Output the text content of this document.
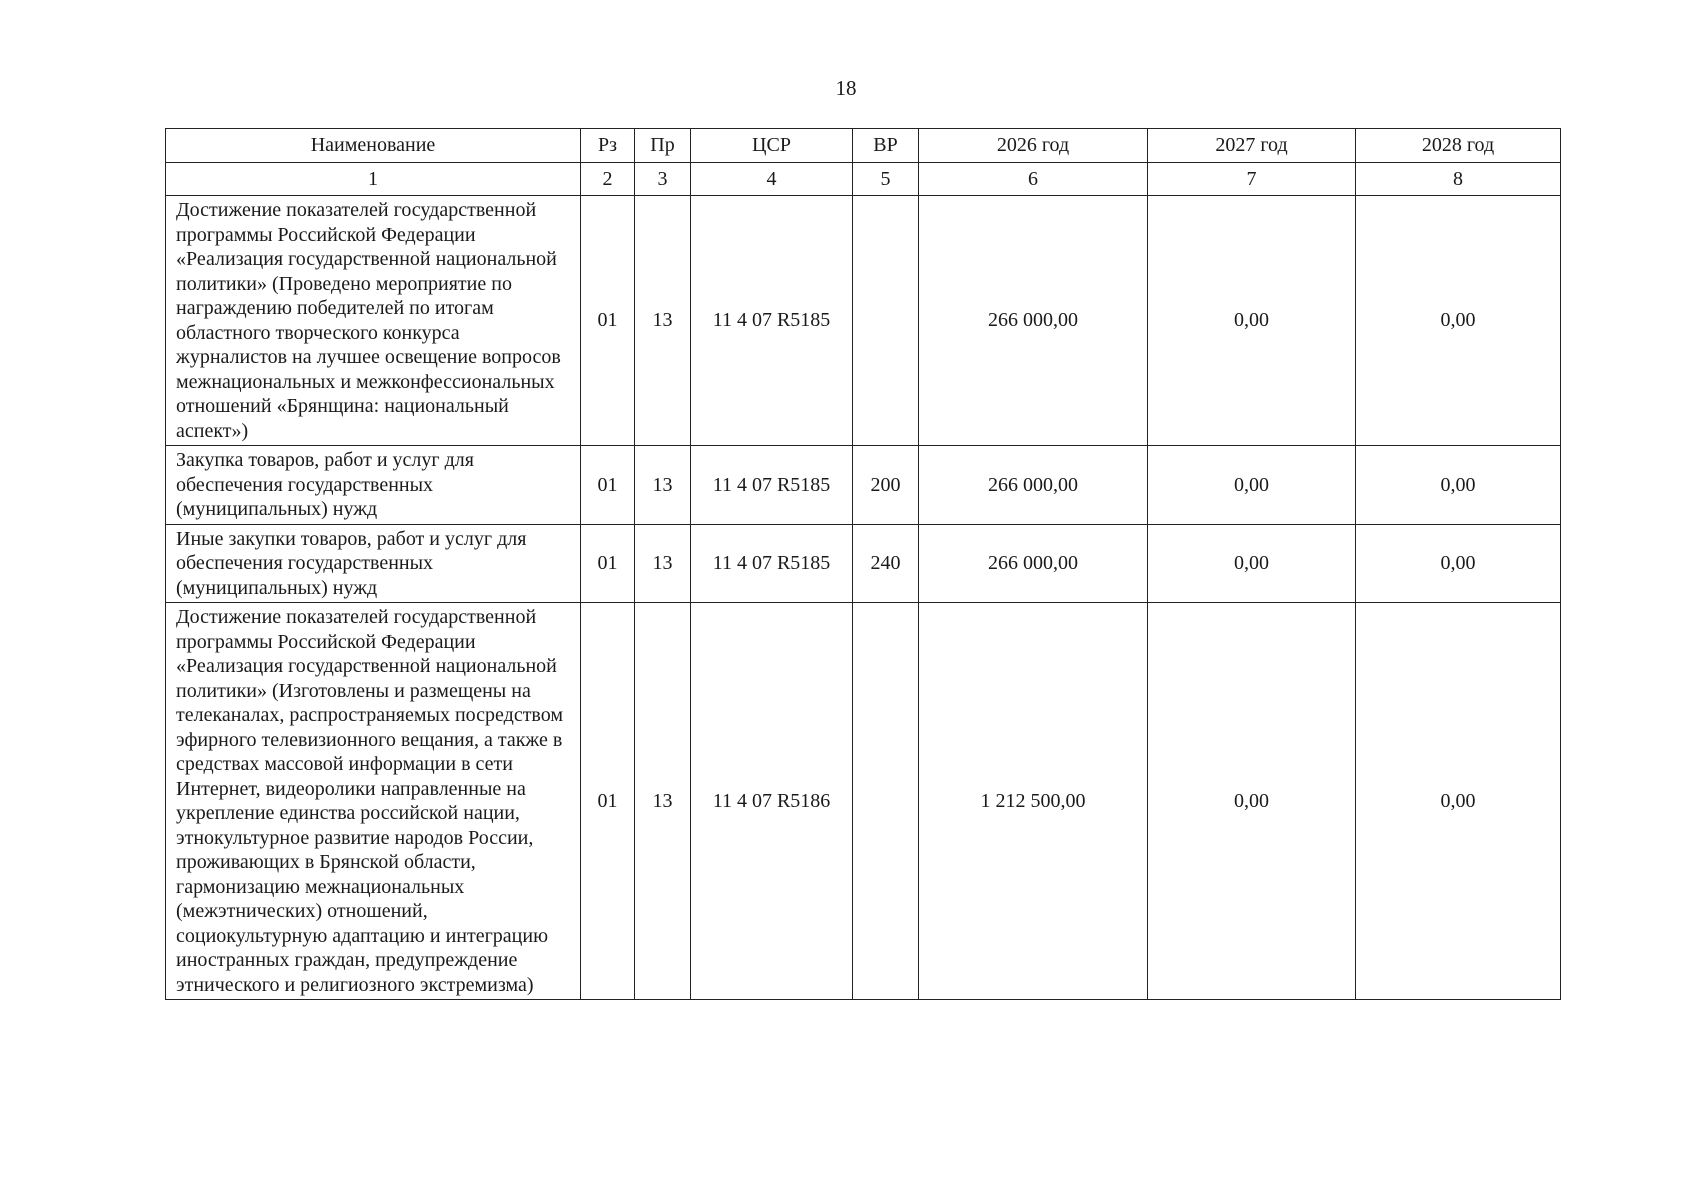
18
Наименование	Рз	Пр	ЦСР	ВР	2026 год	2027 год	2028 год
1	2	3	4	5	6	7	8
Достижение показателей государственной программы Российской Федерации «Реализация государственной национальной политики» (Проведено мероприятие по награждению победителей по итогам областного творческого конкурса журналистов на лучшее освещение вопросов межнациональных и межконфессиональных отношений «Брянщина: национальный аспект»)	01	13	11 4 07 R5185		266 000,00	0,00	0,00
Закупка товаров, работ и услуг для обеспечения государственных (муниципальных) нужд	01	13	11 4 07 R5185	200	266 000,00	0,00	0,00
Иные закупки товаров, работ и услуг для обеспечения государственных (муниципальных) нужд	01	13	11 4 07 R5185	240	266 000,00	0,00	0,00
Достижение показателей государственной программы Российской Федерации «Реализация государственной национальной политики» (Изготовлены и размещены на телеканалах, распространяемых посредством эфирного телевизионного вещания, а также в средствах массовой информации в сети Интернет, видеоролики направленные на укрепление единства российской нации, этнокультурное развитие народов России, проживающих в Брянской области, гармонизацию межнациональных (межэтнических) отношений, социокультурную адаптацию и интеграцию иностранных граждан, предупреждение этнического и религиозного экстремизма)	01	13	11 4 07 R5186		1 212 500,00	0,00	0,00
